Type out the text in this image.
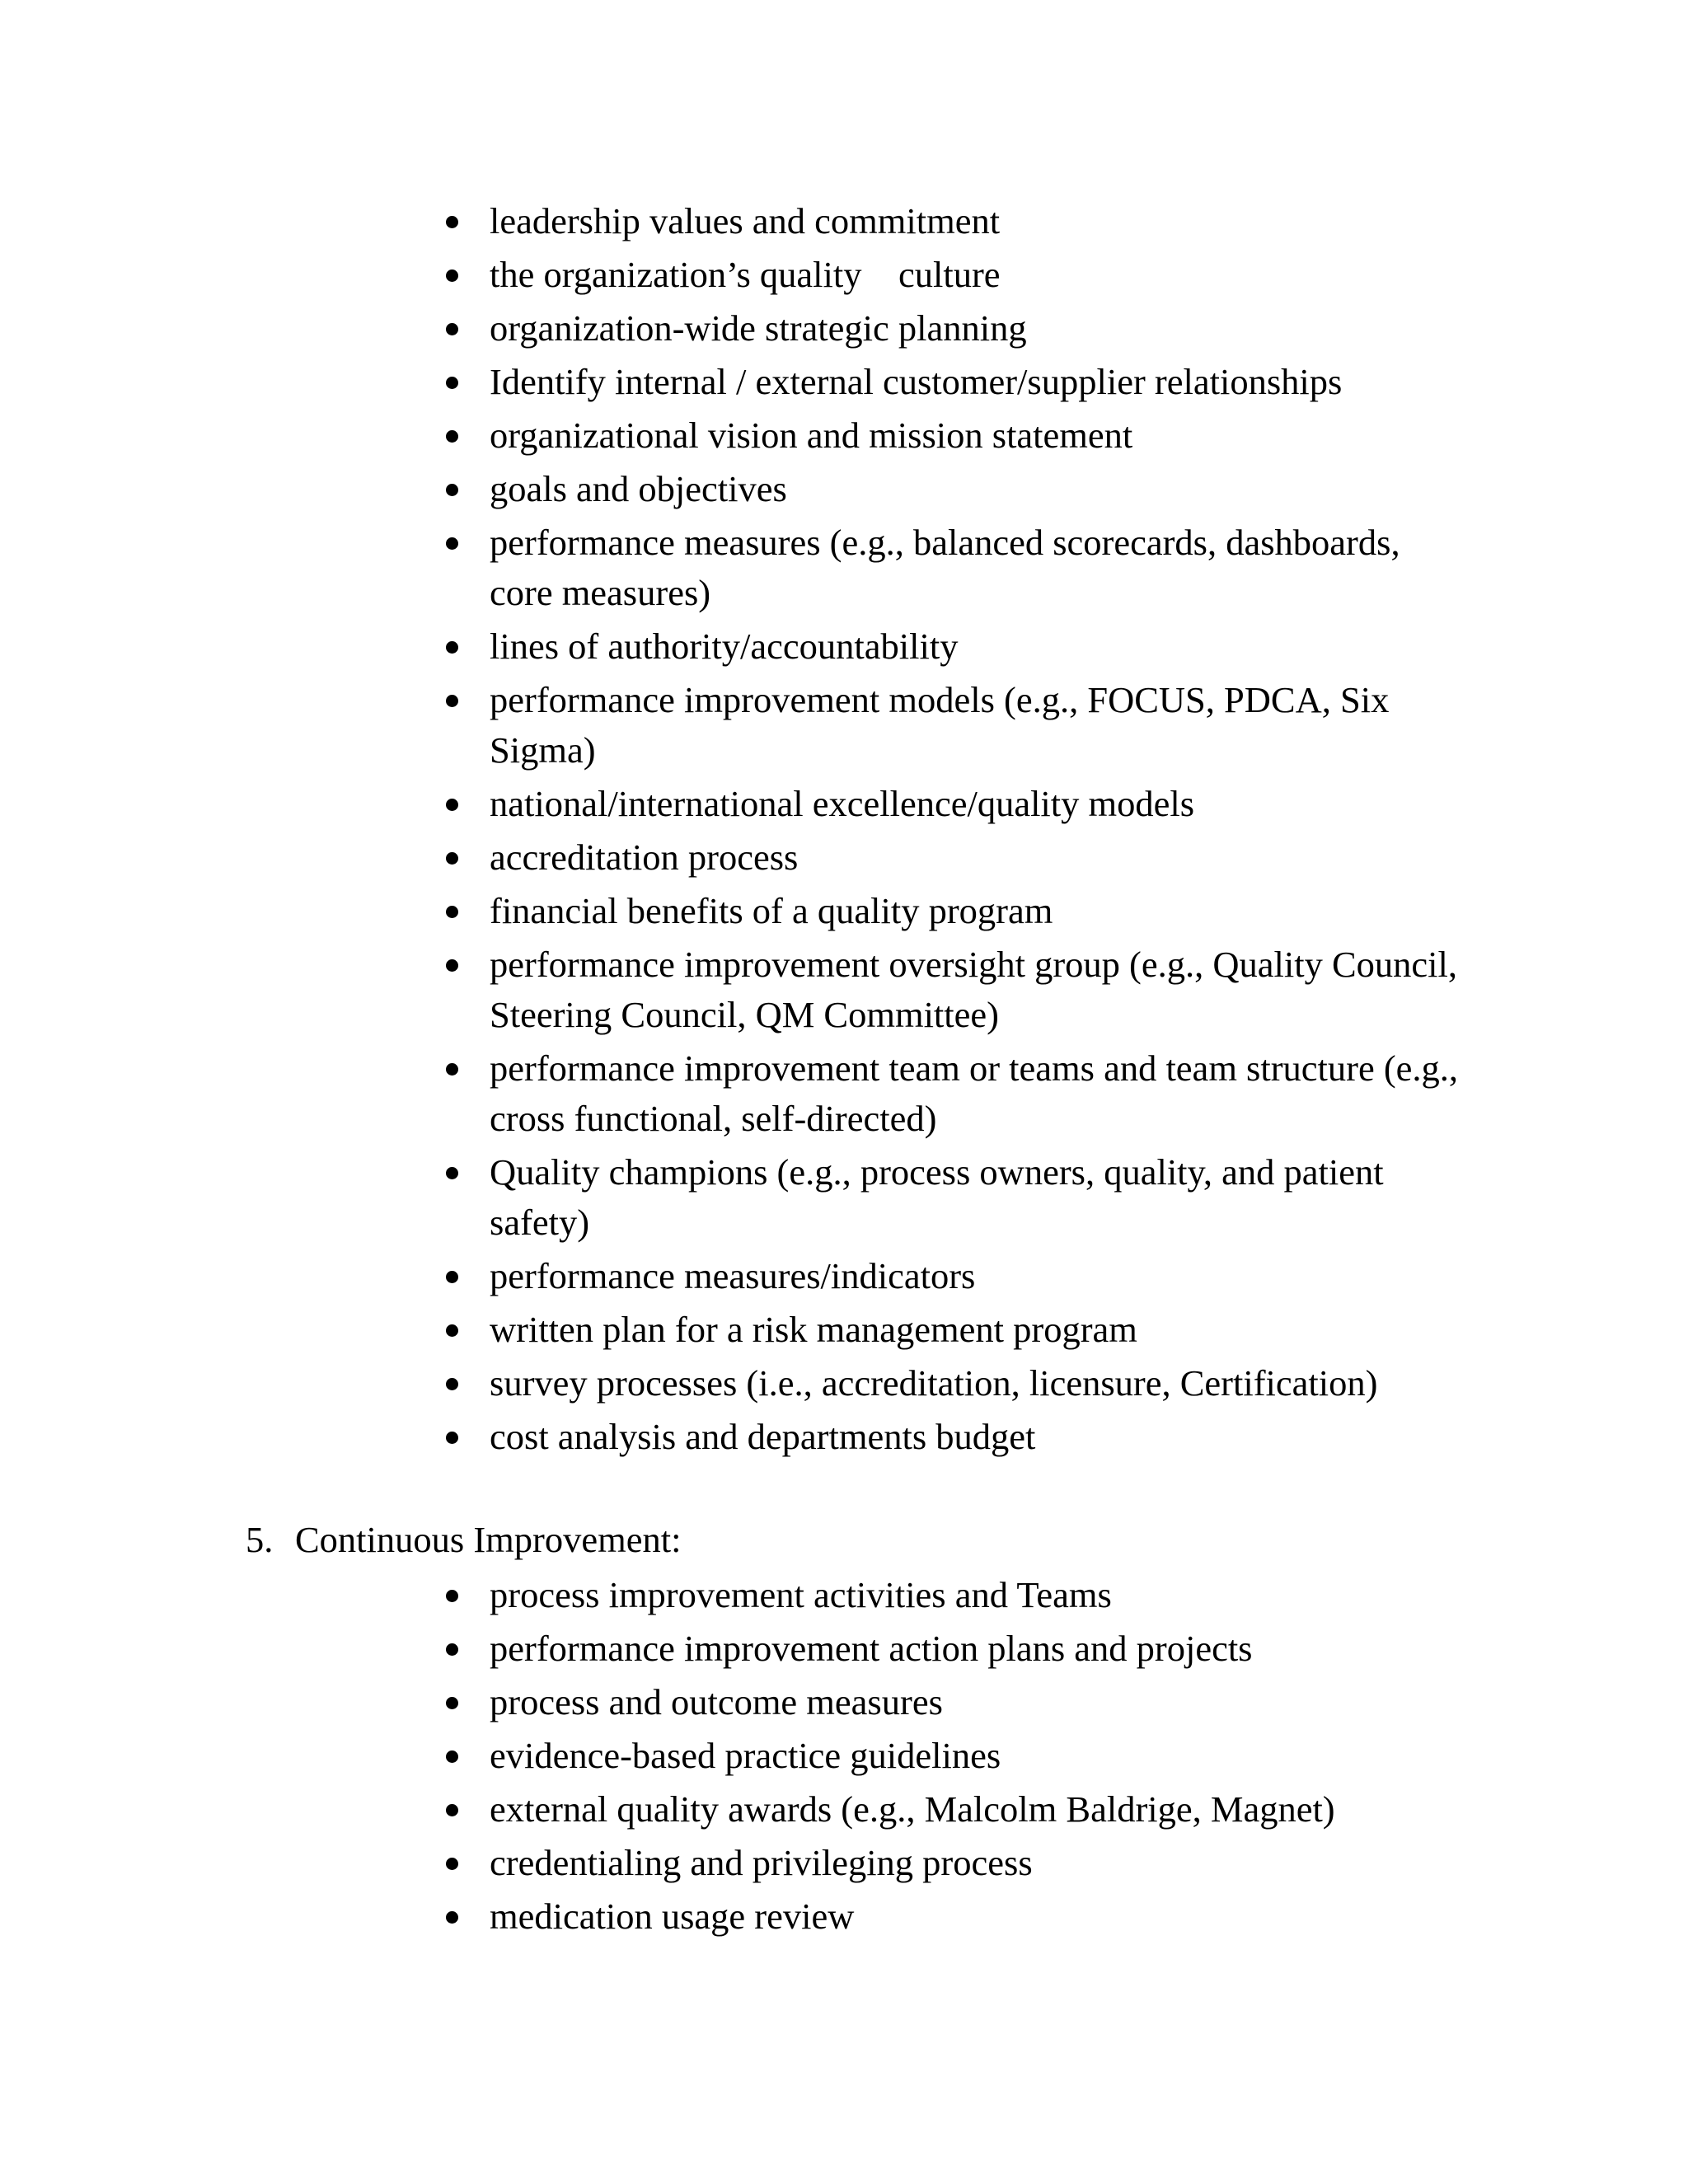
leadership values and commitment
the organization’s quality    culture
organization-wide strategic planning
Identify internal / external customer/supplier relationships
organizational vision and mission statement
goals and objectives
performance measures (e.g., balanced scorecards, dashboards, core measures)
lines of authority/accountability
performance improvement models (e.g., FOCUS, PDCA, Six Sigma)
national/international excellence/quality models
accreditation process
financial benefits of a quality program
performance improvement oversight group (e.g., Quality Council, Steering Council, QM Committee)
performance improvement team or teams and team structure (e.g., cross functional, self-directed)
Quality champions (e.g., process owners, quality, and patient safety)
performance measures/indicators
written plan for a risk management program
survey processes (i.e., accreditation, licensure, Certification)
cost analysis and departments budget
5. Continuous Improvement:
process improvement activities and Teams
performance improvement action plans and projects
process and outcome measures
evidence-based practice guidelines
external quality awards (e.g., Malcolm Baldrige, Magnet)
credentialing and privileging process
medication usage review
